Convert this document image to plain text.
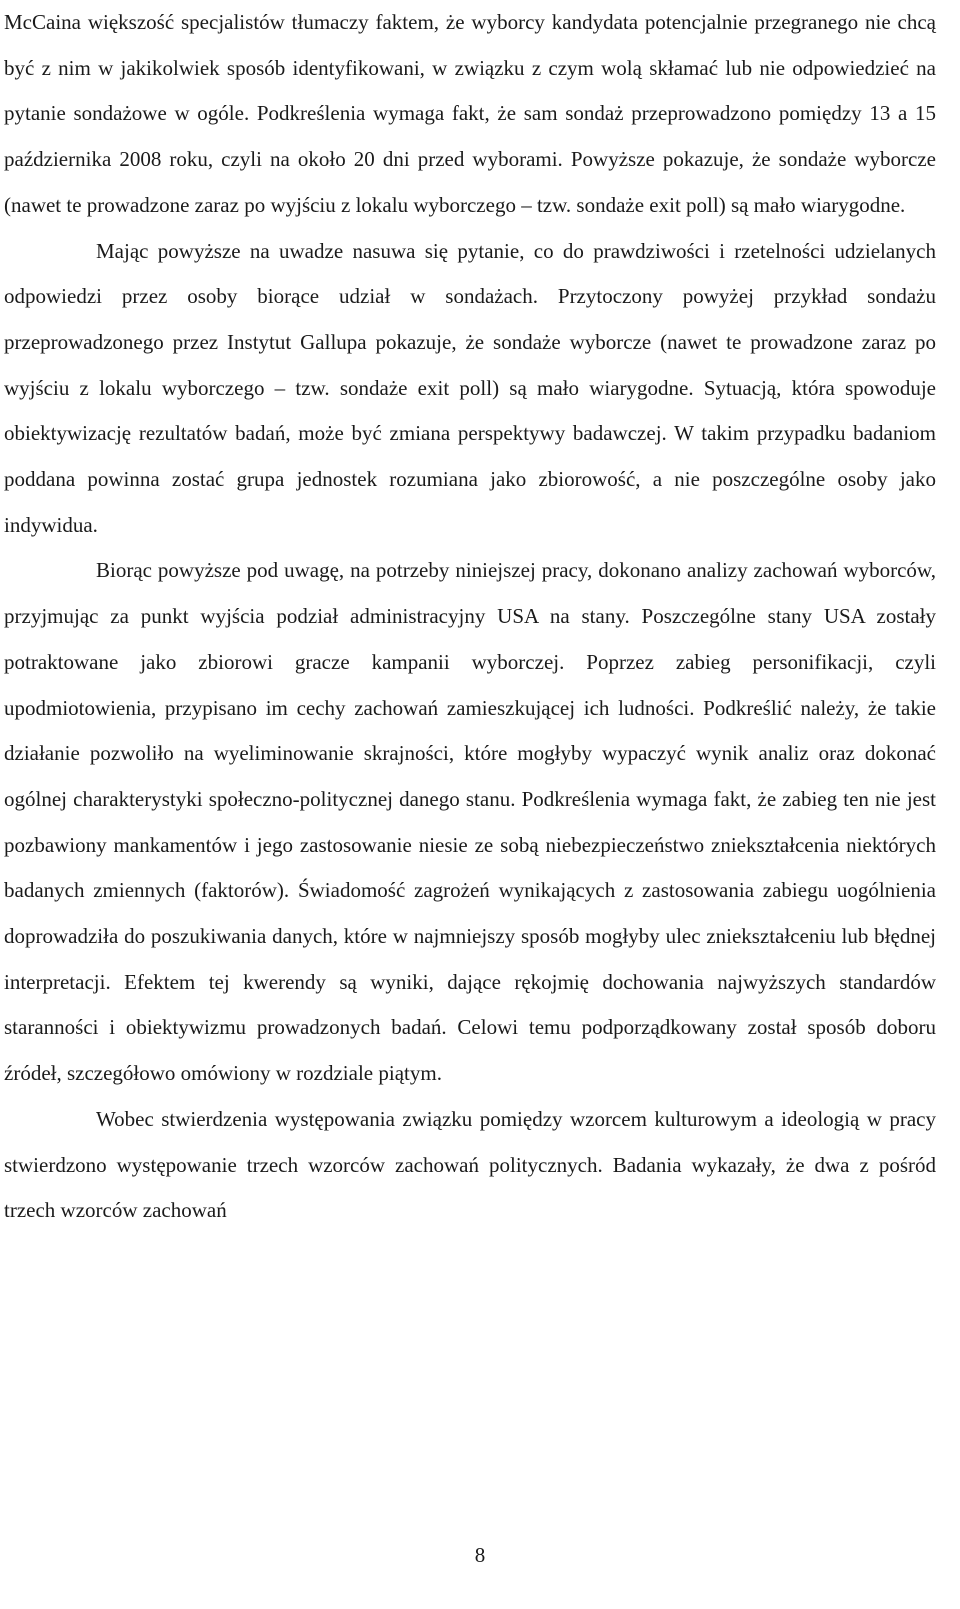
McCaina większość specjalistów tłumaczy faktem, że wyborcy kandydata potencjalnie przegranego nie chcą być z nim w jakikolwiek sposób identyfikowani, w związku z czym wolą skłamać lub nie odpowiedzieć na pytanie sondażowe w ogóle. Podkreślenia wymaga fakt, że sam sondaż przeprowadzono pomiędzy 13 a 15 października 2008 roku, czyli na około 20 dni przed wyborami. Powyższe pokazuje, że sondaże wyborcze (nawet te prowadzone zaraz po wyjściu z lokalu wyborczego – tzw. sondaże exit poll) są mało wiarygodne.

Mając powyższe na uwadze nasuwa się pytanie, co do prawdziwości i rzetelności udzielanych odpowiedzi przez osoby biorące udział w sondażach. Przytoczony powyżej przykład sondażu przeprowadzonego przez Instytut Gallupa pokazuje, że sondaże wyborcze (nawet te prowadzone zaraz po wyjściu z lokalu wyborczego – tzw. sondaże exit poll) są mało wiarygodne. Sytuacją, która spowoduje obiektywizację rezultatów badań, może być zmiana perspektywy badawczej. W takim przypadku badaniom poddana powinna zostać grupa jednostek rozumiana jako zbiorowość, a nie poszczególne osoby jako indywidua.

Biorąc powyższe pod uwagę, na potrzeby niniejszej pracy, dokonano analizy zachowań wyborców, przyjmując za punkt wyjścia podział administracyjny USA na stany. Poszczególne stany USA zostały potraktowane jako zbiorowi gracze kampanii wyborczej. Poprzez zabieg personifikacji, czyli upodmiotowienia, przypisano im cechy zachowań zamieszkującej ich ludności. Podkreślić należy, że takie działanie pozwoliło na wyeliminowanie skrajności, które mogłyby wypaczyć wynik analiz oraz dokonać ogólnej charakterystyki społeczno-politycznej danego stanu. Podkreślenia wymaga fakt, że zabieg ten nie jest pozbawiony mankamentów i jego zastosowanie niesie ze sobą niebezpieczeństwo zniekształcenia niektórych badanych zmiennych (faktorów). Świadomość zagrożeń wynikających z zastosowania zabiegu uogólnienia doprowadziła do poszukiwania danych, które w najmniejszy sposób mogłyby ulec zniekształceniu lub błędnej interpretacji. Efektem tej kwerendy są wyniki, dające rękojmię dochowania najwyższych standardów staranności i obiektywizmu prowadzonych badań. Celowi temu podporządkowany został sposób doboru źródeł, szczegółowo omówiony w rozdziale piątym.

Wobec stwierdzenia występowania związku pomiędzy wzorcem kulturowym a ideologią w pracy stwierdzono występowanie trzech wzorców zachowań politycznych. Badania wykazały, że dwa z pośród trzech wzorców zachowań

8
